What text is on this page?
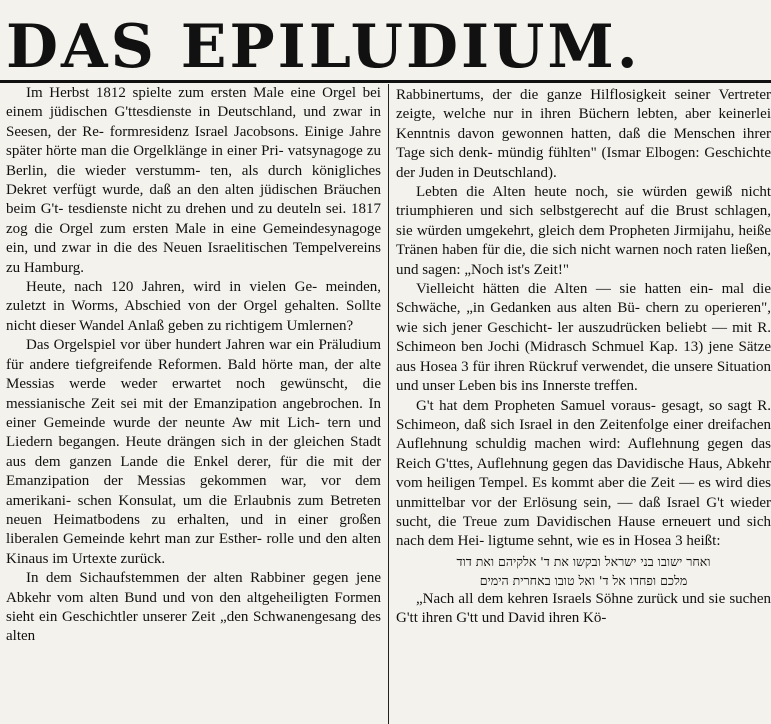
DAS EPILUDIUM.

Im Herbst 1812 spielte zum ersten Male eine Orgel bei einem jüdischen G'ttesdienste in Deutschland, und zwar in Seesen, der Re- formresidenz Israel Jacobsons. Einige Jahre später hörte man die Orgelklänge in einer Pri- vatsynagoge zu Berlin, die wieder verstumm- ten, als durch königliches Dekret verfügt wurde, daß an den alten jüdischen Bräuchen beim G't- tesdienste nicht zu drehen und zu deuteln sei. 1817 zog die Orgel zum ersten Male in eine Gemeindesynagoge ein, und zwar in die des Neuen Israelitischen Tempelvereins zu Hamburg.

Heute, nach 120 Jahren, wird in vielen Ge- meinden, zuletzt in Worms, Abschied von der Orgel gehalten. Sollte nicht dieser Wandel Anlaß geben zu richtigem Umlernen?

Das Orgelspiel vor über hundert Jahren war ein Präludium für andere tiefgreifende Reformen. Bald hörte man, der alte Messias werde weder erwartet noch gewünscht, die messianische Zeit sei mit der Emanzipation angebrochen. In einer Gemeinde wurde der neunte Aw mit Lich- tern und Liedern begangen. Heute drängen sich in der gleichen Stadt aus dem ganzen Lande die Enkel derer, für die mit der Emanzipation der Messias gekommen war, vor dem amerikani- schen Konsulat, um die Erlaubnis zum Betreten neuen Heimatbodens zu erhalten, und in einer großen liberalen Gemeinde kehrt man zur Esther- rolle und den alten Kinaus im Urtexte zurück.

In dem Sichaufstemmen der alten Rabbiner gegen jene Abkehr vom alten Bund und von den altgeheiligten Formen sieht ein Geschichtler unserer Zeit „den Schwanengesang des alten

Rabbinertums, der die ganze Hilflosigkeit seiner Vertreter zeigte, welche nur in ihren Büchern lebten, aber keinerlei Kenntnis davon gewonnen hatten, daß die Menschen ihrer Tage sich denk- mündig fühlten" (Ismar Elbogen: Geschichte der Juden in Deutschland).

Lebten die Alten heute noch, sie würden gewiß nicht triumphieren und sich selbstgerecht auf die Brust schlagen, sie würden umgekehrt, gleich dem Propheten Jirmijahu, heiße Tränen haben für die, die sich nicht warnen noch raten ließen, und sagen: „Noch ist's Zeit!"

Vielleicht hätten die Alten — sie hatten ein- mal die Schwäche, „in Gedanken aus alten Bü- chern zu operieren", wie sich jener Geschicht- ler auszudrücken beliebt — mit R. Schimeon ben Jochi (Midrasch Schmuel Kap. 13) jene Sätze aus Hosea 3 für ihren Rückruf verwendet, die unsere Situation und unser Leben bis ins Innerste treffen.

G't hat dem Propheten Samuel voraus- gesagt, so sagt R. Schimeon, daß sich Israel in den Zeitenfolge einer dreifachen Auflehnung schuldig machen wird: Auflehnung gegen das Reich G'ttes, Auflehnung gegen das Davidische Haus, Abkehr vom heiligen Tempel. Es kommt aber die Zeit — es wird dies unmittelbar vor der Erlösung sein, — daß Israel G't wieder sucht, die Treue zum Davidischen Hause erneuert und sich nach dem Hei- ligtume sehnt, wie es in Hosea 3 heißt:

ואחר ישובו בני ישראל ובקשו את ד' אלקיהם ואת דוד
מלכם ופחדו אל ד' ואל טובו באחרית הימים

„Nach all dem kehren Israels Söhne zurück und sie suchen G'tt ihren G'tt und David ihren Kö-
